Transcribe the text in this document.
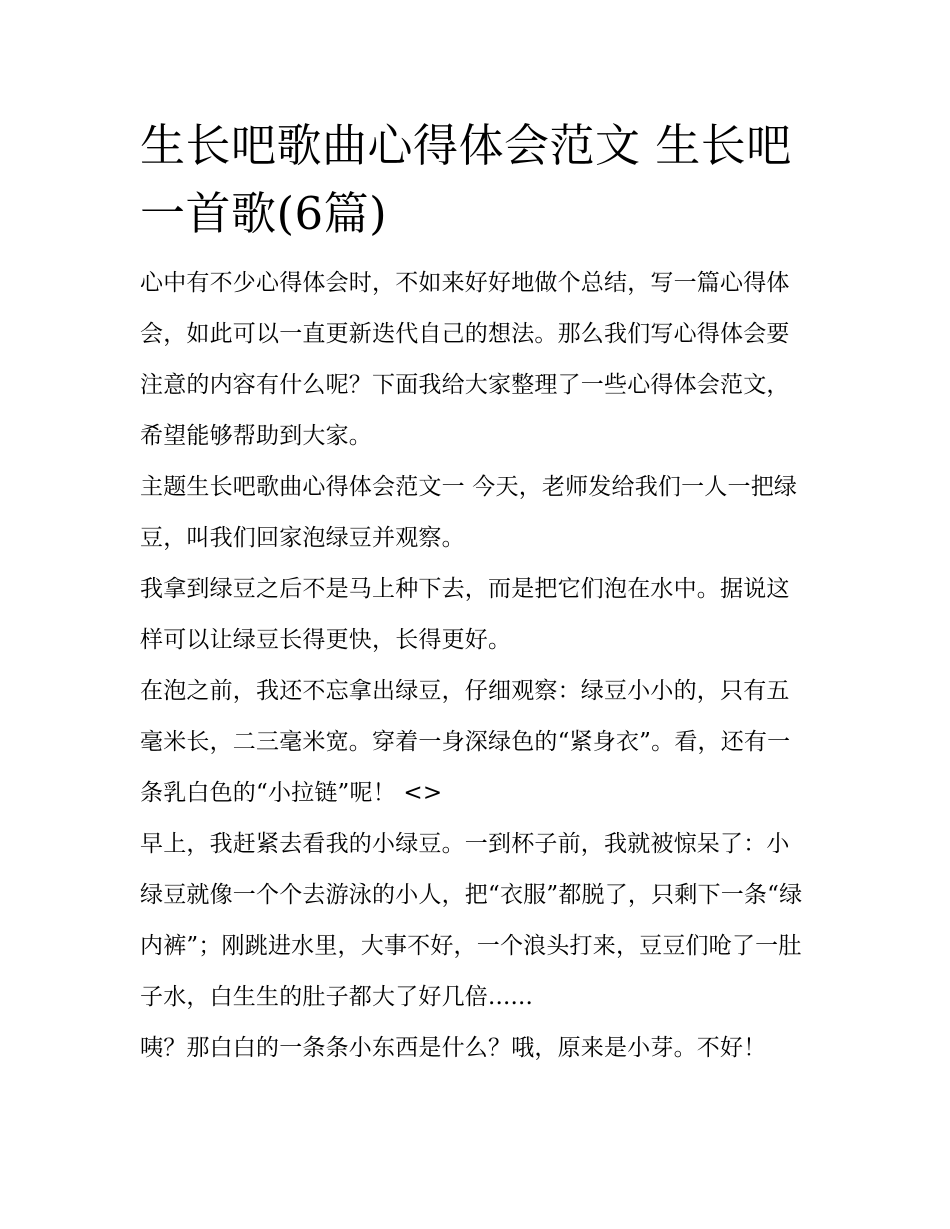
生长吧歌曲心得体会范文 生长吧一首歌(6篇)

心中有不少心得体会时，不如来好好地做个总结，写一篇心得体会，如此可以一直更新迭代自己的想法。那么我们写心得体会要注意的内容有什么呢？下面我给大家整理了一些心得体会范文，希望能够帮助到大家。

主题生长吧歌曲心得体会范文一 今天，老师发给我们一人一把绿豆，叫我们回家泡绿豆并观察。

我拿到绿豆之后不是马上种下去，而是把它们泡在水中。据说这样可以让绿豆长得更快，长得更好。

在泡之前，我还不忘拿出绿豆，仔细观察：绿豆小小的，只有五毫米长，二三毫米宽。穿着一身深绿色的“紧身衣”。看，还有一条乳白色的“小拉链”呢！ <>

早上，我赶紧去看我的小绿豆。一到杯子前，我就被惊呆了：小绿豆就像一个个去游泳的小人，把“衣服”都脱了，只剩下一条“绿内裤”；刚跳进水里，大事不好，一个浪头打来，豆豆们呛了一肚子水，白生生的肚子都大了好几倍......

咦？那白白的一条条小东西是什么？哦，原来是小芽。不好！
